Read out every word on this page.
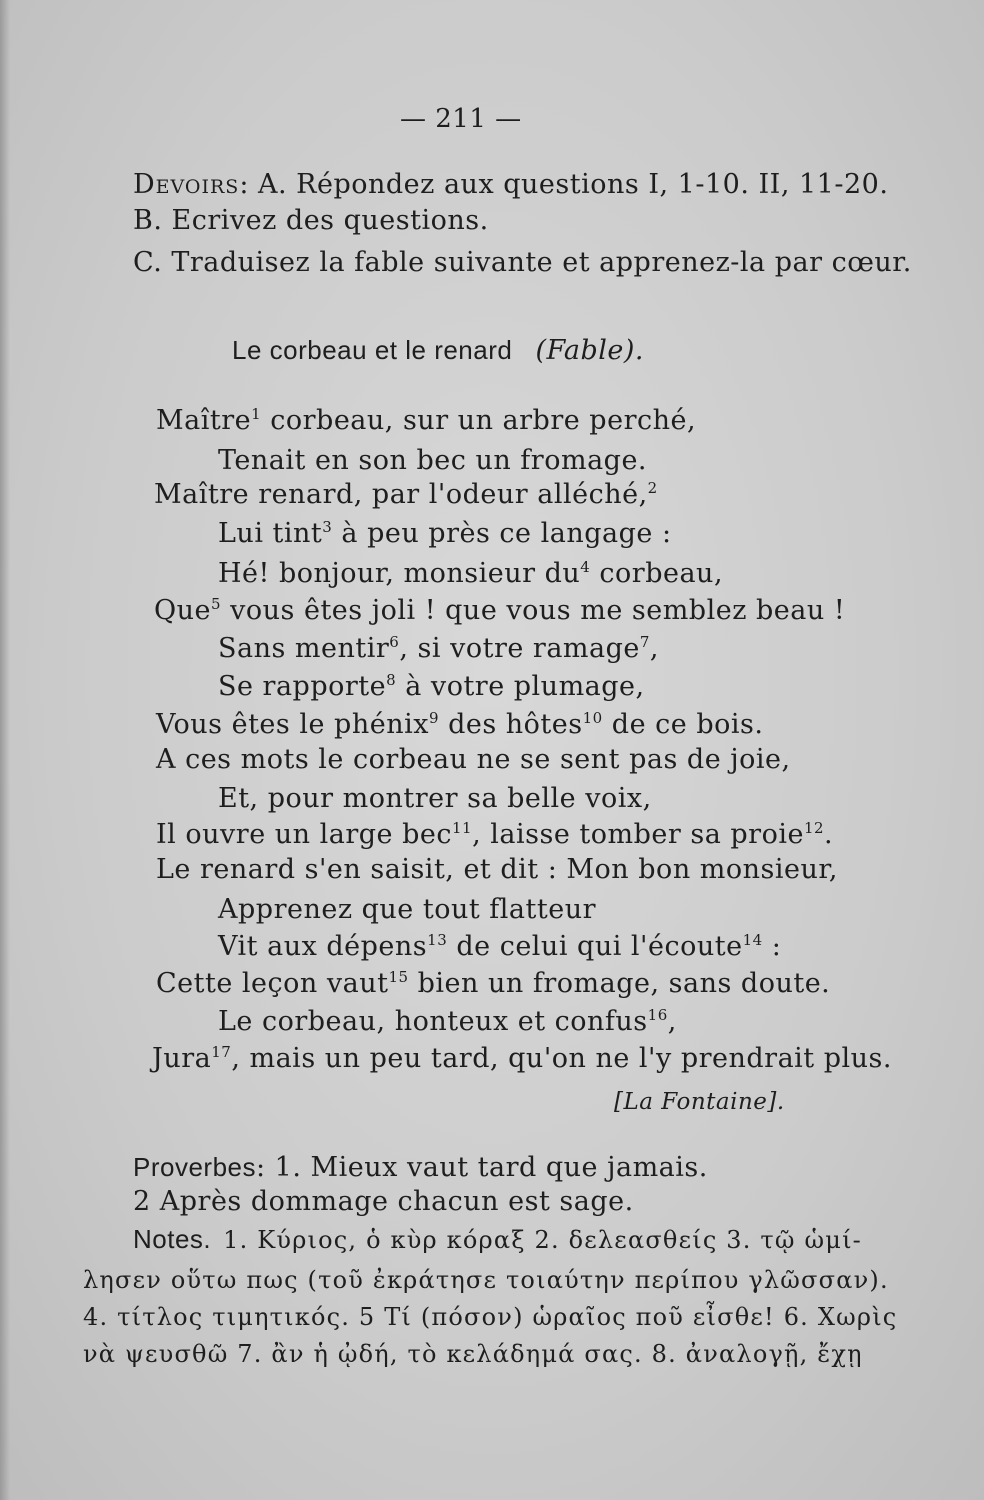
— 211 —
Devoirs: A. Répondez aux questions I, 1-10. II, 11-20.
B. Ecrivez des questions.
C. Traduisez la fable suivante et apprenez-la par cœur.
Le corbeau et le renard (Fable).
Maître$^1$ corbeau, sur un arbre perché,
Tenait en son bec un fromage.
Maître renard, par l'odeur alléché,$^2$
Lui tint$^3$ à peu près ce langage :
Hé! bonjour, monsieur $du^4$ corbeau,
Que$^5$ vous êtes joli ! que vous me semblez beau !
Sans mentir$^6$, si votre ramage$^7$,
Se rapporte$^8$ à votre plumage,
Vous êtes le phénix$^9$ des hôtes$^{10}$ de ce bois.
A ces mots le corbeau ne se sent pas de joie,
Et, pour montrer sa belle voix,
Il ouvre un large bec$^{11}$, laisse tomber sa proie$^{12}$.
Le renard s'en saisit, et dit : Mon bon monsieur,
Apprenez que tout flatteur
Vit aux dépens$^{13}$ de celui qui l'écoute$^{14}$ :
Cette leçon vaut$^{15}$ bien un fromage, sans doute.
Le corbeau, honteux et confus$^{16}$,
Jura$^{17}$, mais un peu tard, qu'on ne l'y prendrait plus.
[La Fontaine].
Proverbes: 1. Mieux vaut tard que jamais.
2 Après dommage chacun est sage.
Notes. 1. Κύριος, ὁ κὺρ κόραξ 2. δελεασθείς 3. τῷ ὡμί-
λησεν οὕτω πως (τοῦ ἐκράτησε τοιαύτην περίπου γλῶσσαν).
4. τίτλος τιμητικός. 5 Τί (πόσον) ὡραῖος ποῦ εἶσθε! 6. Χωρὶς
νὰ ψευσθῶ 7. ἂν ἡ ᾠδή, τὸ κελάδημά σας. 8. ἀναλογῇ, ἔχῃ
